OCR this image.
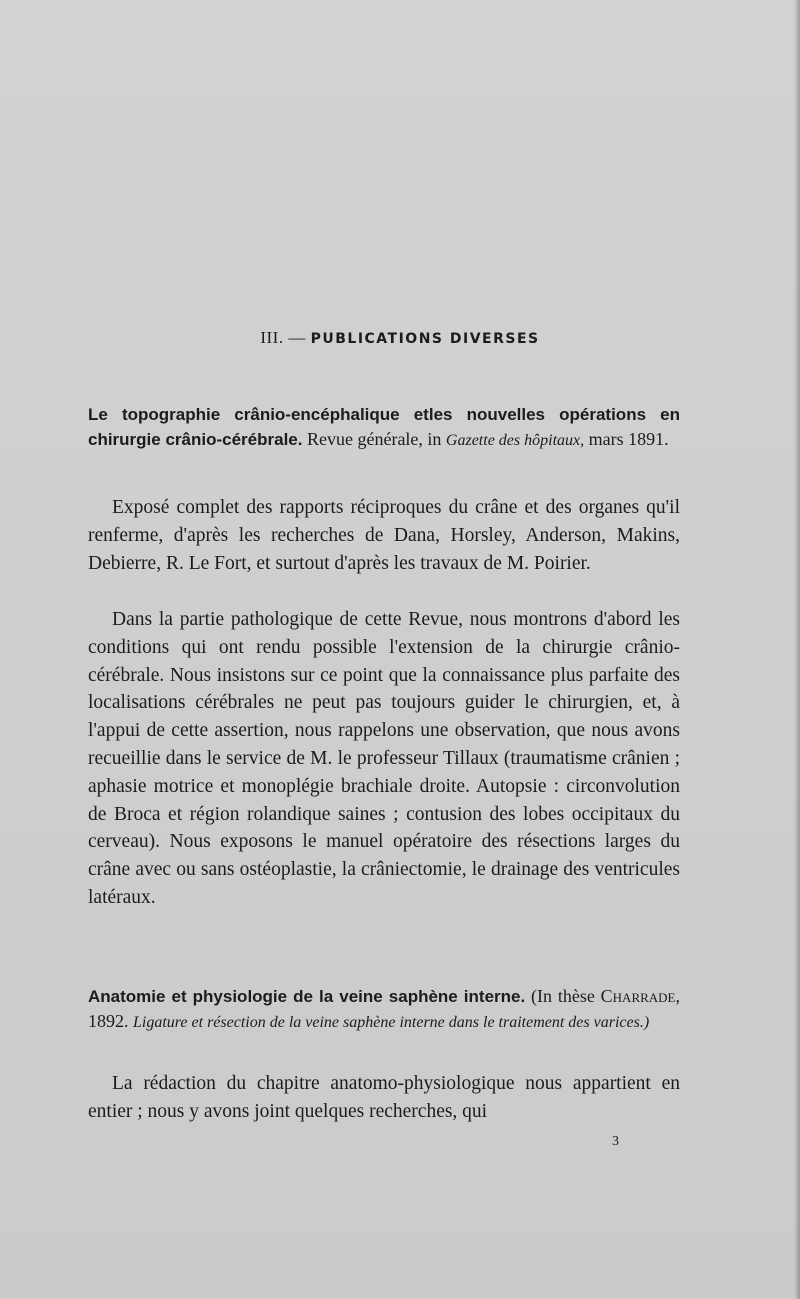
III. — PUBLICATIONS DIVERSES
Le topographie crânio-encéphalique etles nouvelles opérations en chirurgie crânio-cérébrale. Revue générale, in Gazette des hôpitaux, mars 1891.

Exposé complet des rapports réciproques du crâne et des organes qu'il renferme, d'après les recherches de Dana, Horsley, Anderson, Makins, Debierre, R. Le Fort, et surtout d'après les travaux de M. Poirier.

Dans la partie pathologique de cette Revue, nous montrons d'abord les conditions qui ont rendu possible l'extension de la chirurgie crânio-cérébrale. Nous insistons sur ce point que la connaissance plus parfaite des localisations cérébrales ne peut pas toujours guider le chirurgien, et, à l'appui de cette assertion, nous rappelons une observation, que nous avons recueillie dans le service de M. le professeur Tillaux (traumatisme crânien ; aphasie motrice et monoplégie brachiale droite. Autopsie : circonvolution de Broca et région rolandique saines ; contusion des lobes occipitaux du cerveau). Nous exposons le manuel opératoire des résections larges du crâne avec ou sans ostéoplastie, la crâniectomie, le drainage des ventricules latéraux.

Anatomie et physiologie de la veine saphène interne. (In thèse Charrade, 1892. Ligature et résection de la veine saphène interne dans le traitement des varices.)

La rédaction du chapitre anatomo-physiologique nous appartient en entier ; nous y avons joint quelques recherches, qui

3
